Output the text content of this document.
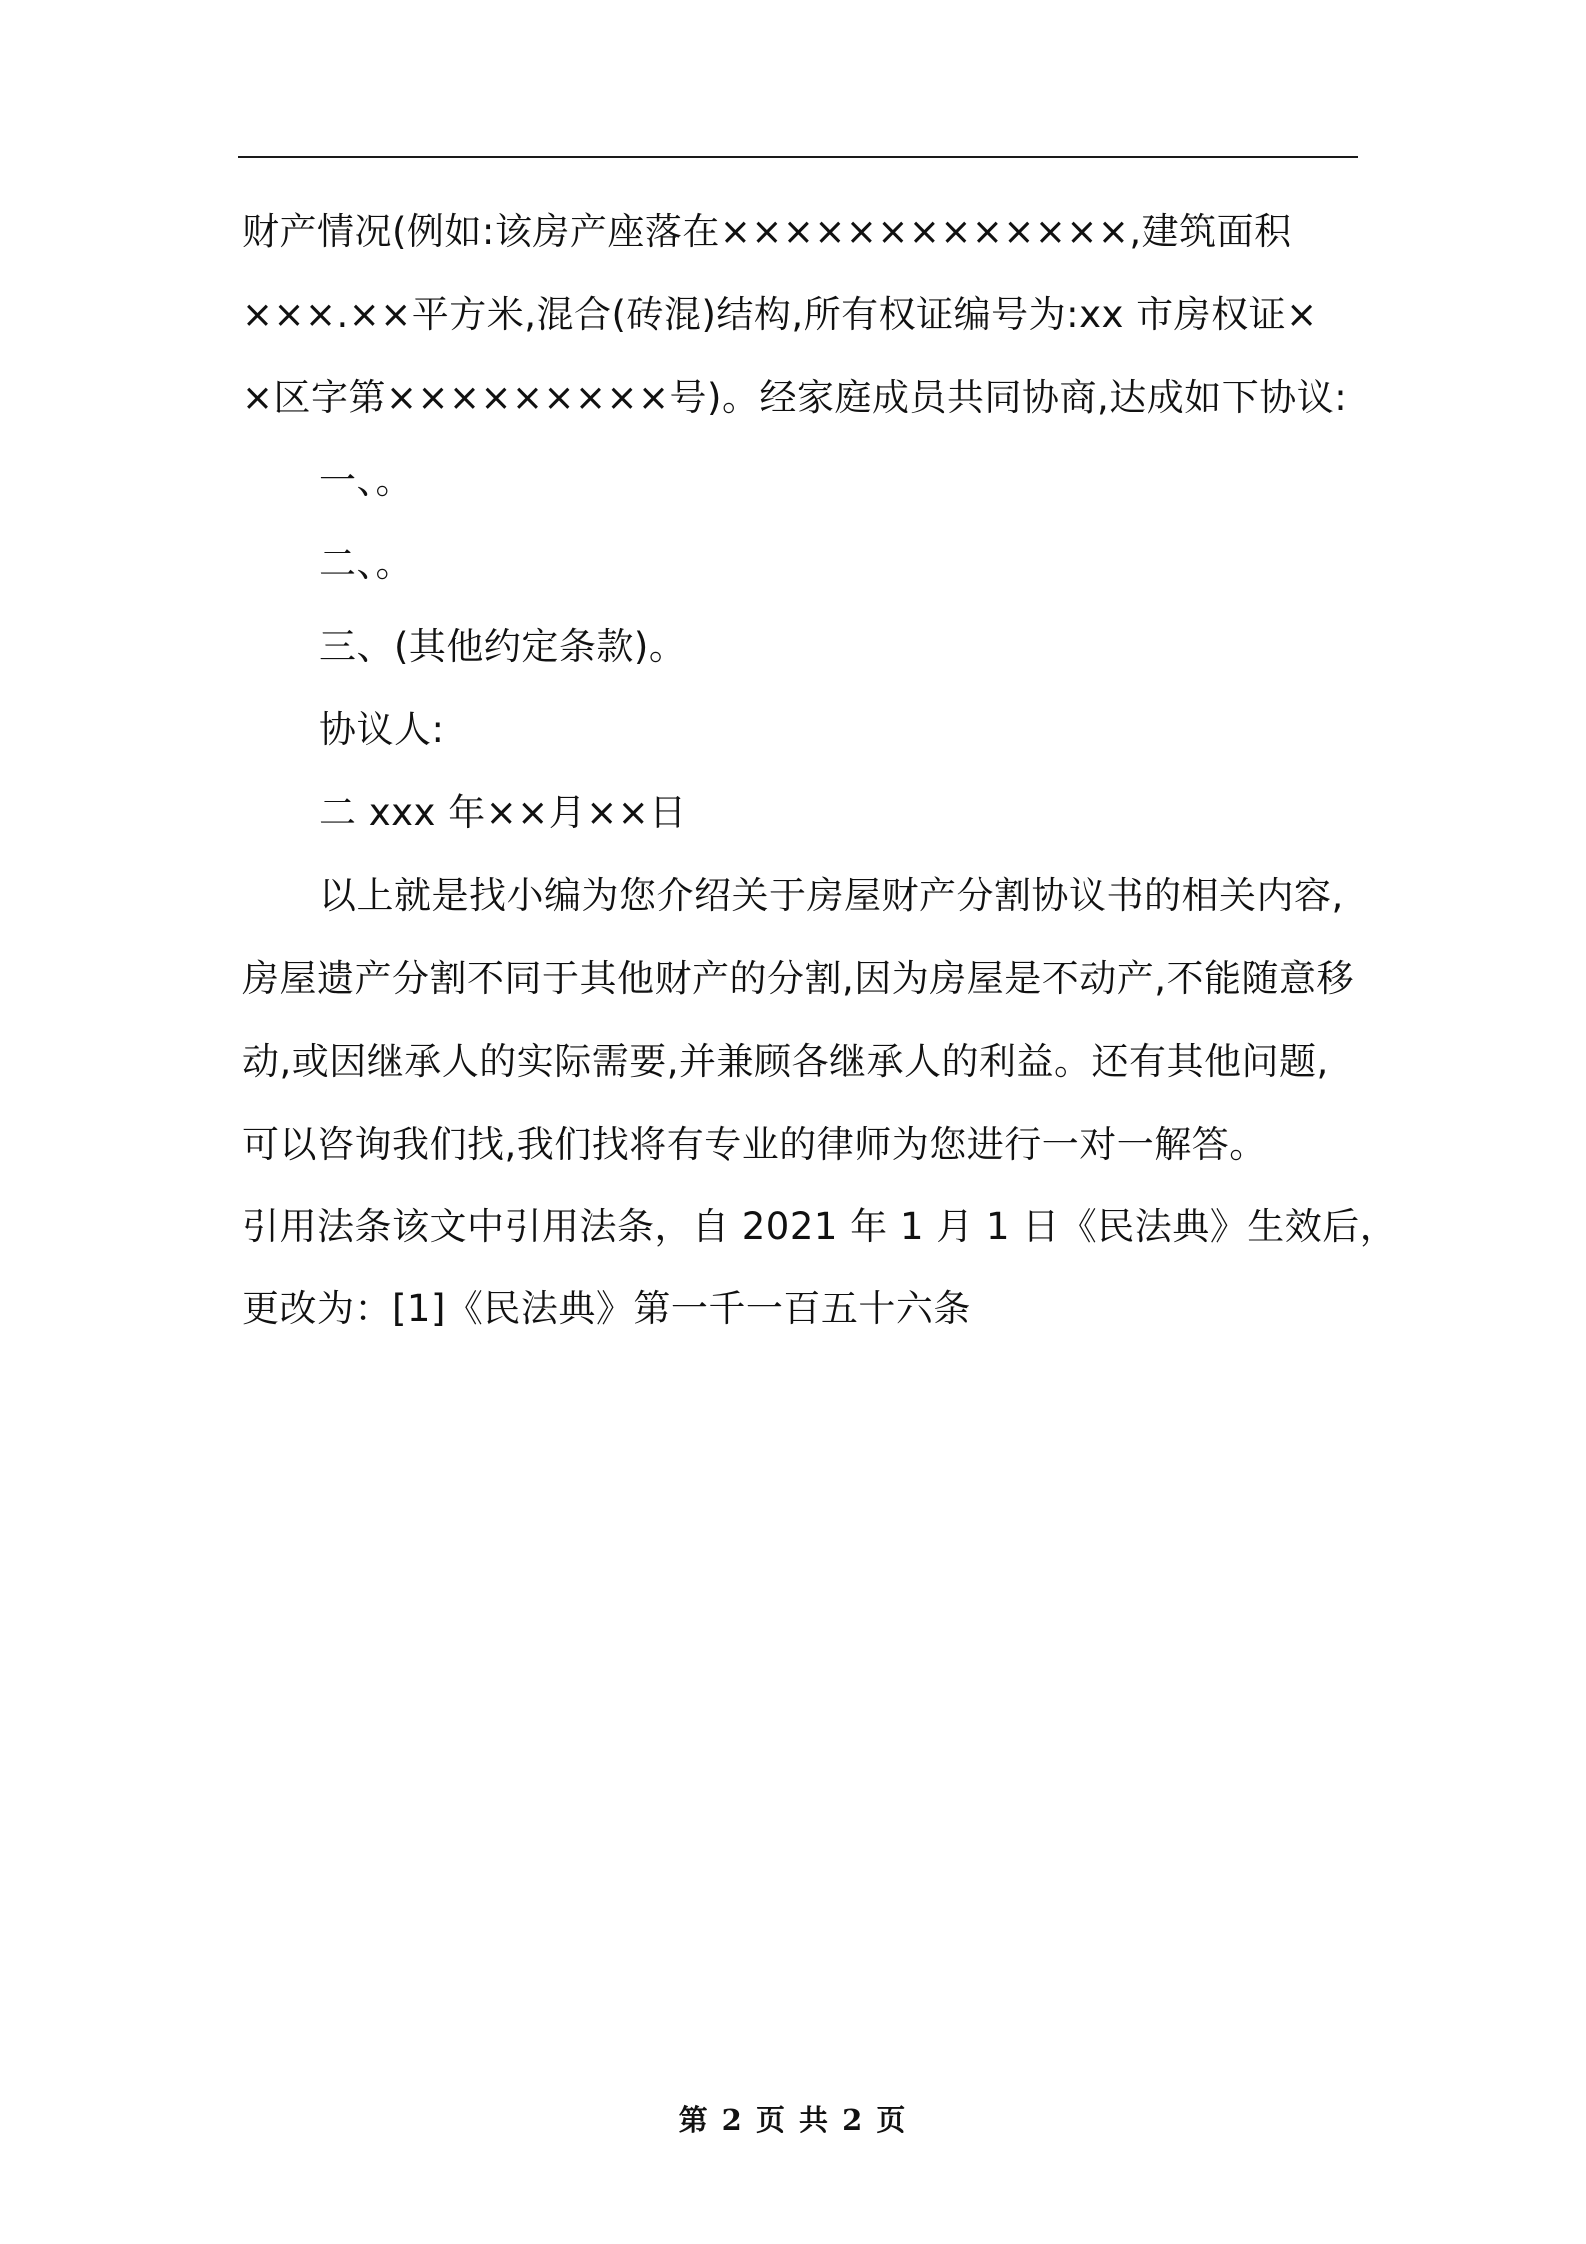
财产情况(例如:该房产座落在×××××××××××××,建筑面积
×××.××平方米,混合(砖混)结构,所有权证编号为:xx 市房权证×
×区字第×××××××××号)。经家庭成员共同协商,达成如下协议:
一、。
二、。
三、(其他约定条款)。
协议人:
二 xxx 年××月××日
以上就是找小编为您介绍关于房屋财产分割协议书的相关内容,
房屋遗产分割不同于其他财产的分割,因为房屋是不动产,不能随意移
动,或因继承人的实际需要,并兼顾各继承人的利益。还有其他问题,
可以咨询我们找,我们找将有专业的律师为您进行一对一解答。
引用法条该文中引用法条，自 2021 年 1 月 1 日《民法典》生效后，
更改为：[1]《民法典》第一千一百五十六条
第 2 页 共 2 页
